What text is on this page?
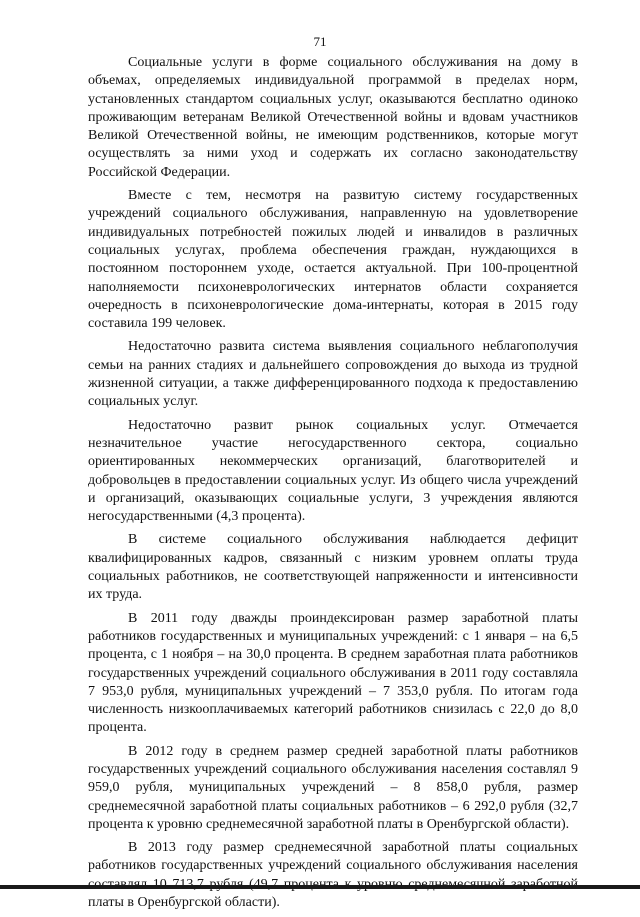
71

Социальные услуги в форме социального обслуживания на дому в объемах, определяемых индивидуальной программой в пределах норм, установленных стандартом социальных услуг, оказываются бесплатно одиноко проживающим ветеранам Великой Отечественной войны и вдовам участников Великой Отечественной войны, не имеющим родственников, которые могут осуществлять за ними уход и содержать их согласно законодательству Российской Федерации.

Вместе с тем, несмотря на развитую систему государственных учреждений социального обслуживания, направленную на удовлетворение индивидуальных потребностей пожилых людей и инвалидов в различных социальных услугах, проблема обеспечения граждан, нуждающихся в постоянном постороннем уходе, остается актуальной. При 100-процентной наполняемости психоневрологических интернатов области сохраняется очередность в психоневрологические дома-интернаты, которая в 2015 году составила 199 человек.

Недостаточно развита система выявления социального неблагополучия семьи на ранних стадиях и дальнейшего сопровождения до выхода из трудной жизненной ситуации, а также дифференцированного подхода к предоставлению социальных услуг.

Недостаточно развит рынок социальных услуг. Отмечается незначительное участие негосударственного сектора, социально ориентированных некоммерческих организаций, благотворителей и добровольцев в предоставлении социальных услуг. Из общего числа учреждений и организаций, оказывающих социальные услуги, 3 учреждения являются негосударственными (4,3 процента).

В системе социального обслуживания наблюдается дефицит квалифицированных кадров, связанный с низким уровнем оплаты труда социальных работников, не соответствующей напряженности и интенсивности их труда.

В 2011 году дважды проиндексирован размер заработной платы работников государственных и муниципальных учреждений: с 1 января – на 6,5 процента, с 1 ноября – на 30,0 процента. В среднем заработная плата работников государственных учреждений социального обслуживания в 2011 году составляла 7 953,0 рубля, муниципальных учреждений – 7 353,0 рубля. По итогам года численность низкооплачиваемых категорий работников снизилась с 22,0 до 8,0 процента.

В 2012 году в среднем размер средней заработной платы работников государственных учреждений социального обслуживания населения составлял 9 959,0 рубля, муниципальных учреждений – 8 858,0 рубля, размер среднемесячной заработной платы социальных работников – 6 292,0 рубля (32,7 процента к уровню среднемесячной заработной платы в Оренбургской области).

В 2013 году размер среднемесячной заработной платы социальных работников государственных учреждений социального обслуживания населения платы в Оренбургской области).
